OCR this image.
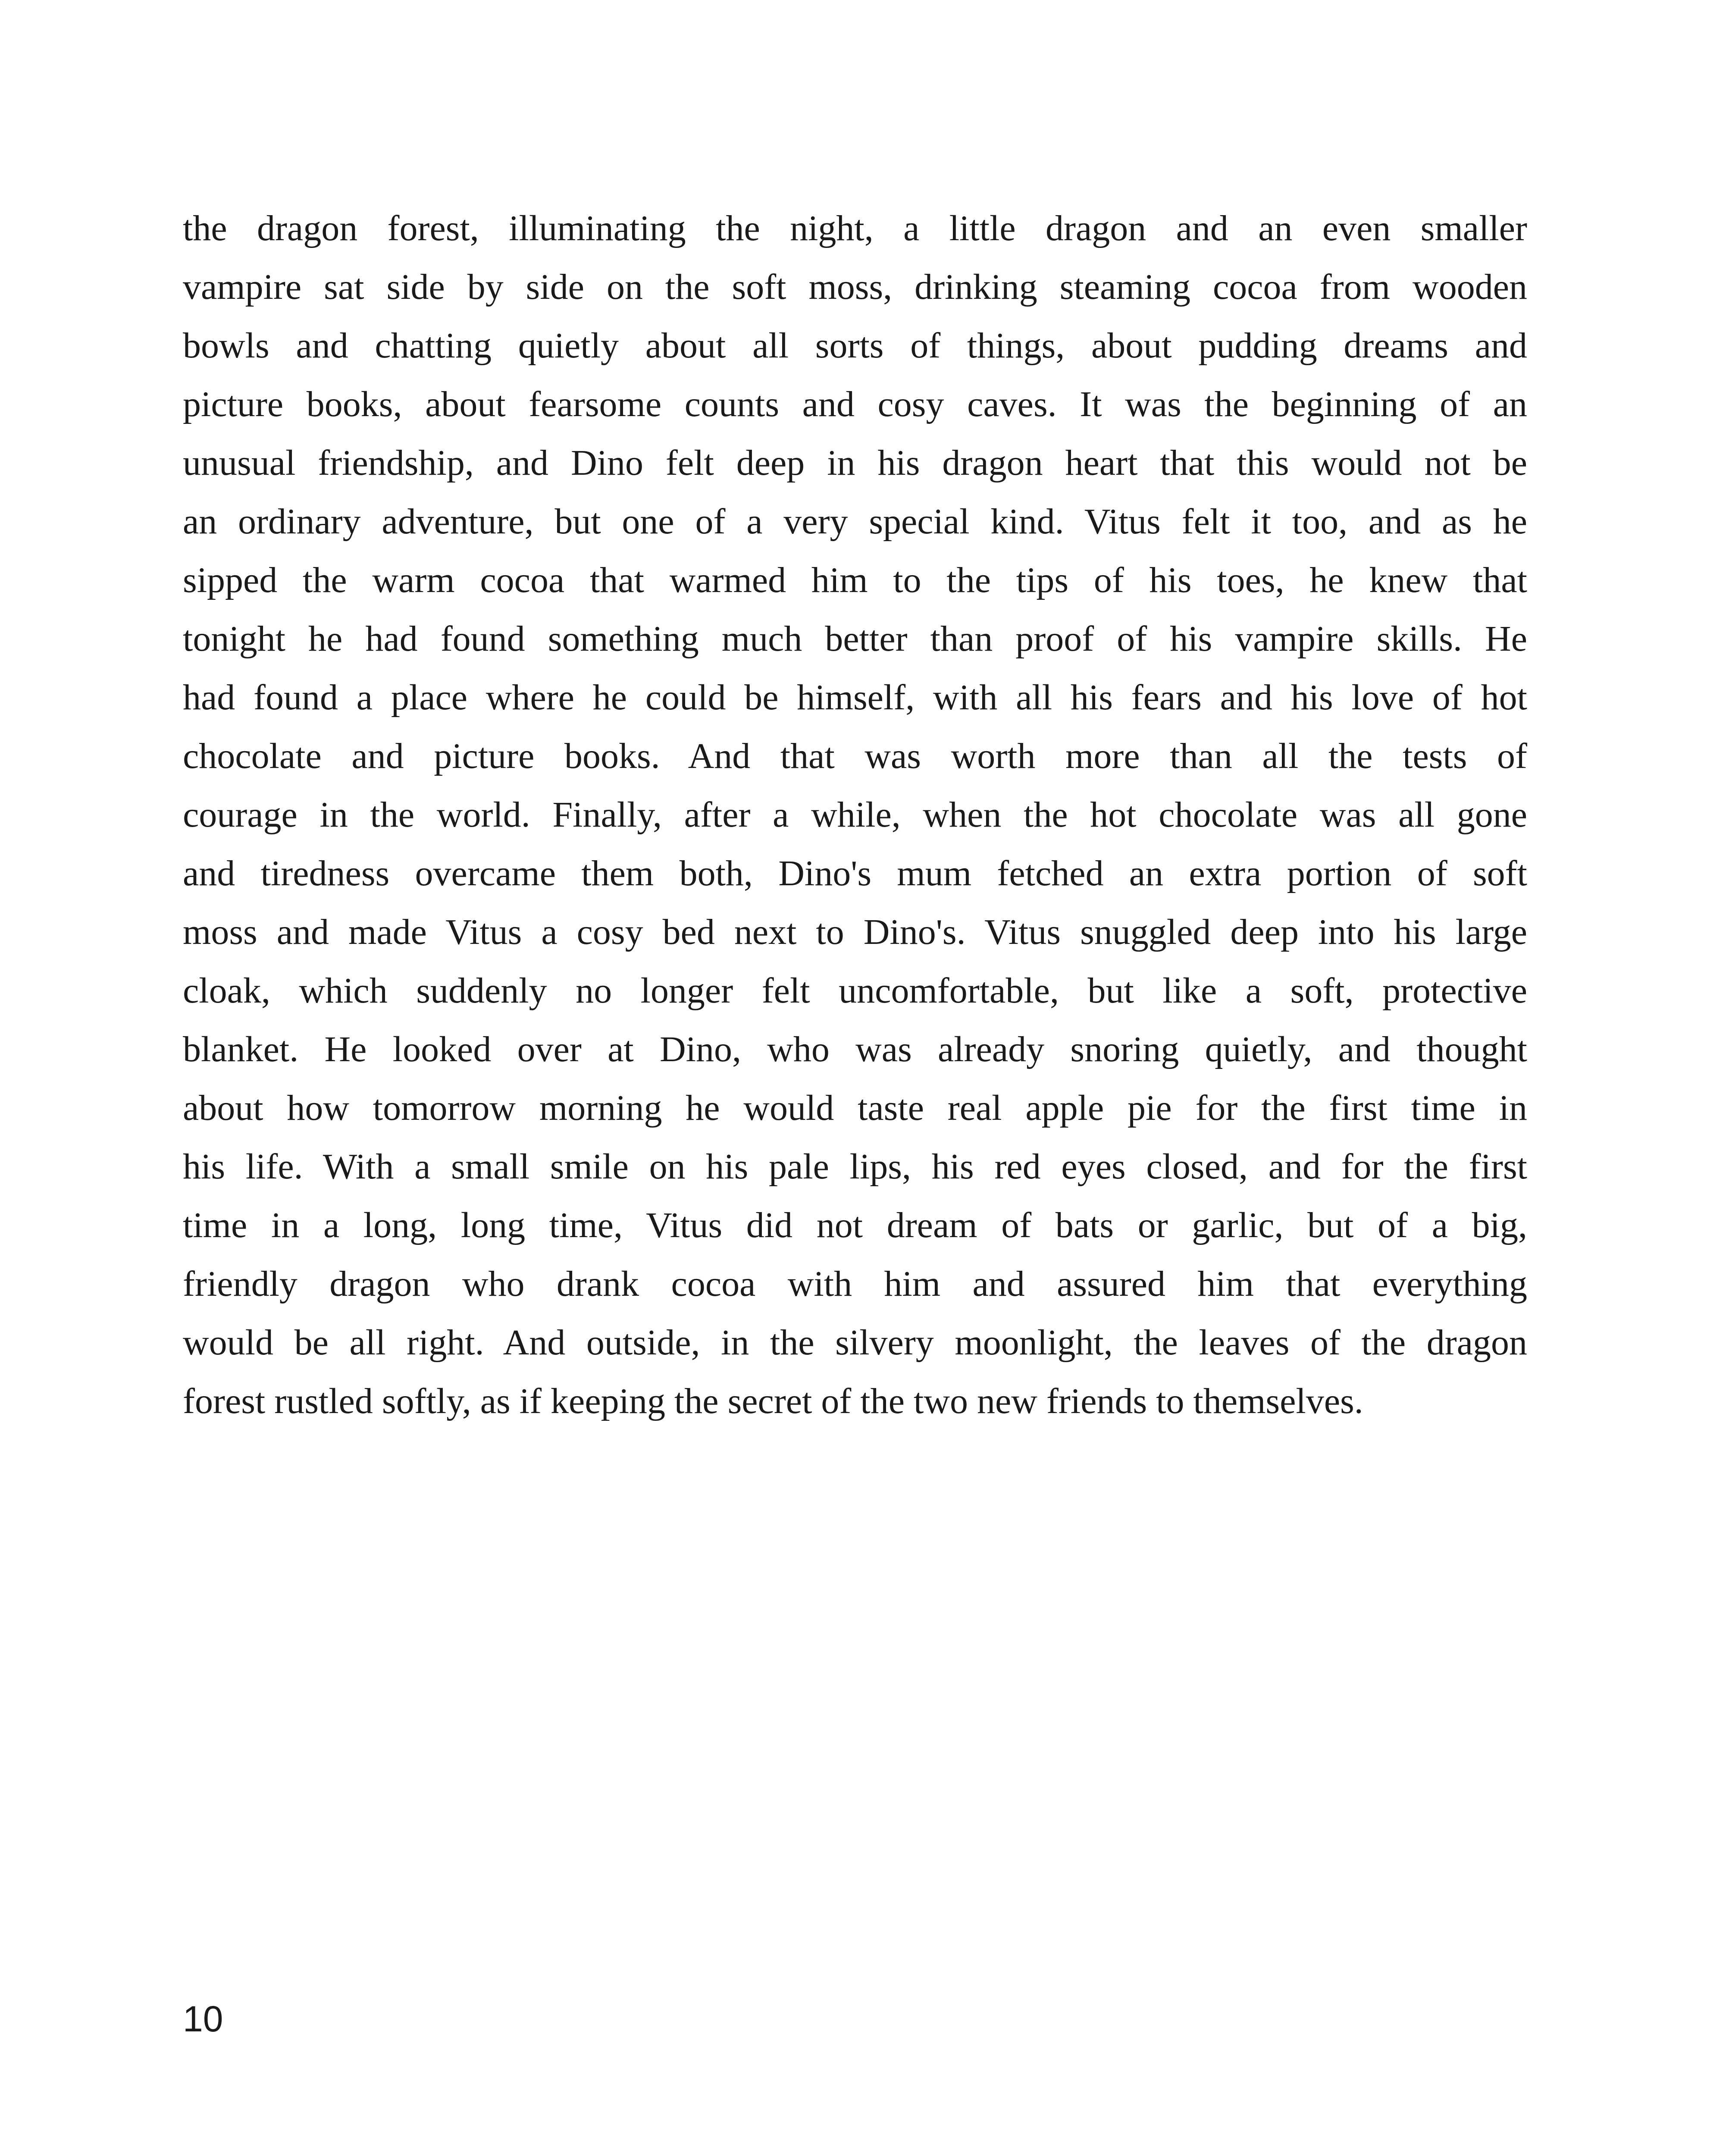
the dragon forest, illuminating the night, a little dragon and an even smaller
vampire sat side by side on the soft moss, drinking steaming cocoa from wooden
bowls and chatting quietly about all sorts of things, about pudding dreams and
picture books, about fearsome counts and cosy caves. It was the beginning of an
unusual friendship, and Dino felt deep in his dragon heart that this would not be
an ordinary adventure, but one of a very special kind. Vitus felt it too, and as he
sipped the warm cocoa that warmed him to the tips of his toes, he knew that
tonight he had found something much better than proof of his vampire skills. He
had found a place where he could be himself, with all his fears and his love of hot
chocolate and picture books. And that was worth more than all the tests of
courage in the world. Finally, after a while, when the hot chocolate was all gone
and tiredness overcame them both, Dino's mum fetched an extra portion of soft
moss and made Vitus a cosy bed next to Dino's. Vitus snuggled deep into his large
cloak, which suddenly no longer felt uncomfortable, but like a soft, protective
blanket. He looked over at Dino, who was already snoring quietly, and thought
about how tomorrow morning he would taste real apple pie for the first time in
his life. With a small smile on his pale lips, his red eyes closed, and for the first
time in a long, long time, Vitus did not dream of bats or garlic, but of a big,
friendly dragon who drank cocoa with him and assured him that everything
would be all right. And outside, in the silvery moonlight, the leaves of the dragon
forest rustled softly, as if keeping the secret of the two new friends to themselves.
10
